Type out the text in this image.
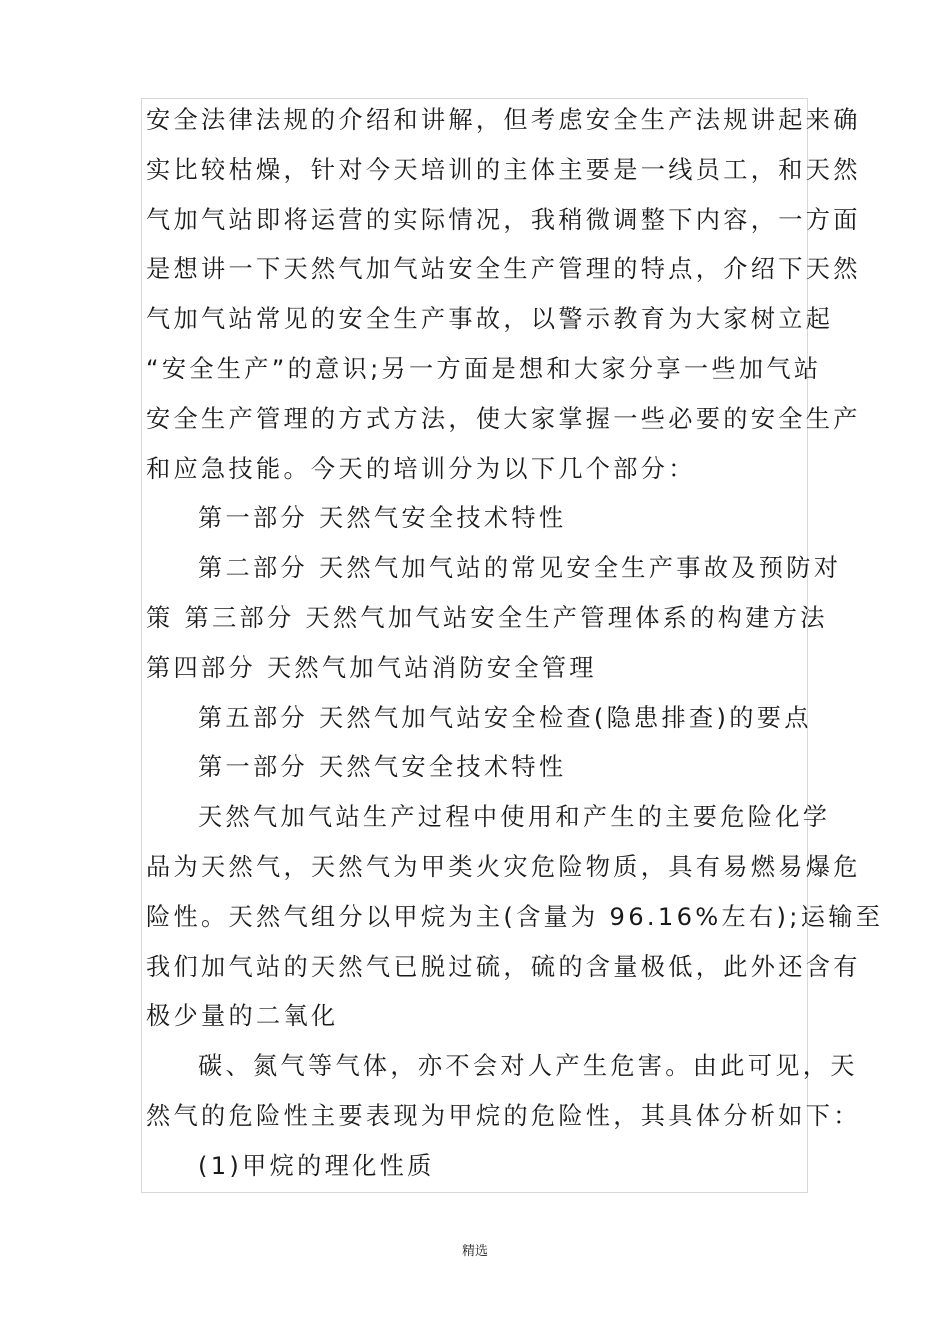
安全法律法规的介绍和讲解，但考虑安全生产法规讲起来确
实比较枯燥，针对今天培训的主体主要是一线员工，和天然
气加气站即将运营的实际情况，我稍微调整下内容，一方面
是想讲一下天然气加气站安全生产管理的特点，介绍下天然
气加气站常见的安全生产事故，以警示教育为大家树立起
“安全生产”的意识;另一方面是想和大家分享一些加气站
安全生产管理的方式方法，使大家掌握一些必要的安全生产
和应急技能。今天的培训分为以下几个部分：
第一部分 天然气安全技术特性
第二部分 天然气加气站的常见安全生产事故及预防对
策 第三部分 天然气加气站安全生产管理体系的构建方法
第四部分 天然气加气站消防安全管理
第五部分 天然气加气站安全检查(隐患排查)的要点
第一部分 天然气安全技术特性
天然气加气站生产过程中使用和产生的主要危险化学
品为天然气，天然气为甲类火灾危险物质，具有易燃易爆危
险性。天然气组分以甲烷为主(含量为 96.16%左右);运输至
我们加气站的天然气已脱过硫，硫的含量极低，此外还含有
极少量的二氧化
碳、氮气等气体，亦不会对人产生危害。由此可见，天
然气的危险性主要表现为甲烷的危险性，其具体分析如下：
(1)甲烷的理化性质
精选
